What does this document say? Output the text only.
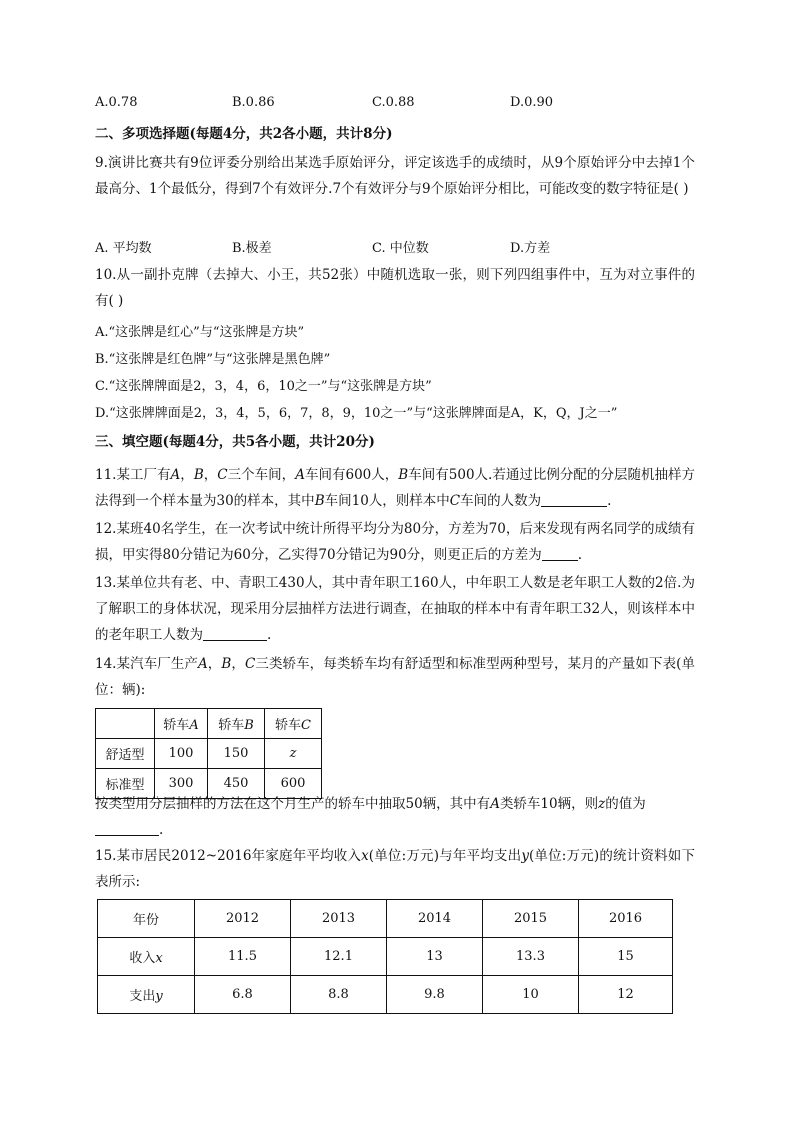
A.0.78	B.0.86	C.0.88	D.0.90
二、多项选择题(每题4分，共2各小题，共计8分)

9.演讲比赛共有9位评委分别给出某选手原始评分，评定该选手的成绩时，从9个原始评分中去掉1个最高分、1个最低分，得到7个有效评分.7个有效评分与9个原始评分相比，可能改变的数字特征是( )

A. 平均数	B.极差	C. 中位数	D.方差

10.从一副扑克牌（去掉大、小王，共52张）中随机选取一张，则下列四组事件中，互为对立事件的有( )

A.“这张牌是红心”与“这张牌是方块”
B.“这张牌是红色牌”与“这张牌是黑色牌”
C.“这张牌牌面是2，3，4，6，10之一”与“这张牌是方块”
D.“这张牌牌面是2，3，4，5，6，7，8，9，10之一”与“这张牌牌面是A，K，Q，J之一”
三、填空题(每题4分，共5各小题，共计20分)

11.某工厂有A，B，C三个车间，A车间有600人，B车间有500人.若通过比例分配的分层随机抽样方法得到一个样本量为30的样本，其中B车间10人，则样本中C车间的人数为	.

12.某班40名学生，在一次考试中统计所得平均分为80分，方差为70，后来发现有两名同学的成绩有损，甲实得80分错记为60分，乙实得70分错记为90分，则更正后的方差为	.

13.某单位共有老、中、青职工430人，其中青年职工160人，中年职工人数是老年职工人数的2倍.为了解职工的身体状况，现采用分层抽样方法进行调查，在抽取的样本中有青年职工32人，则该样本中的老年职工人数为	.

14.某汽车厂生产A，B，C三类轿车，每类轿车均有舒适型和标准型两种型号，某月的产量如下表(单位：辆):

	轿车A	轿车B	轿车C
舒适型	100	150	z
标准型	300	450	600

按类型用分层抽样的方法在这个月生产的轿车中抽取50辆，其中有A类轿车10辆，则z的值为
.

15.某市居民2012~2016年家庭年平均收入x(单位:万元)与年平均支出y(单位:万元)的统计资料如下表所示:

年份	2012	2013	2014	2015	2016
收入x	11.5	12.1	13	13.3	15
支出y	6.8	8.8	9.8	10	12
